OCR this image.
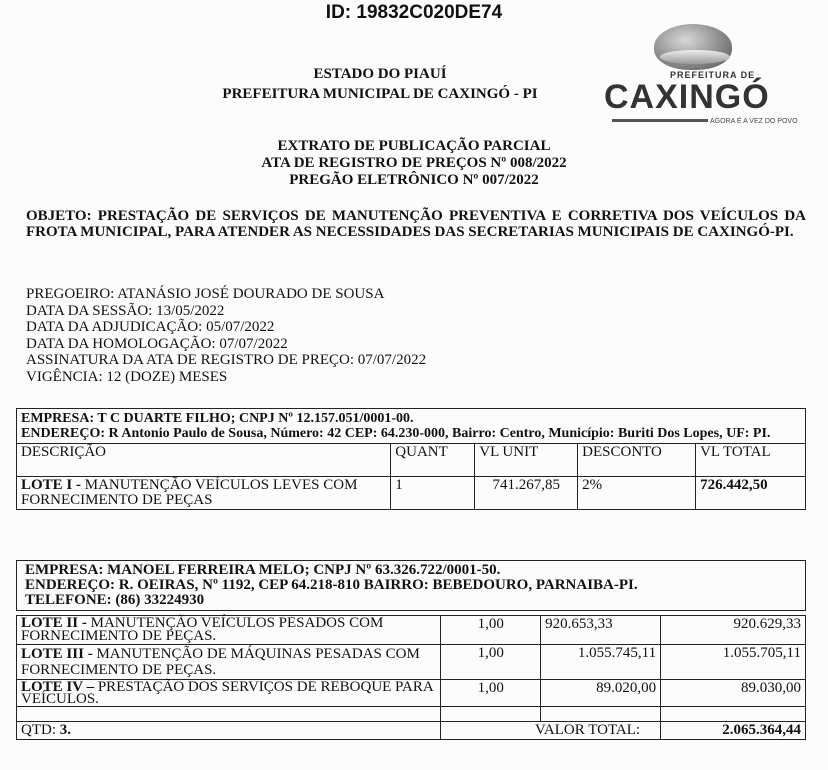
ID: 19832C020DE74
ESTADO DO PIAUÍ
PREFEITURA MUNICIPAL DE CAXINGÓ - PI
PREFEITURA DE
CAXINGÓ
AGORA É A VEZ DO POVO
EXTRATO DE PUBLICAÇÃO PARCIAL
ATA DE REGISTRO DE PREÇOS Nº 008/2022
PREGÃO ELETRÔNICO Nº 007/2022
OBJETO: PRESTAÇÃO DE SERVIÇOS DE MANUTENÇÃO PREVENTIVA E CORRETIVA DOS VEÍCULOS DA FROTA MUNICIPAL, PARA ATENDER AS NECESSIDADES DAS SECRETARIAS MUNICIPAIS DE CAXINGÓ-PI.
PREGOEIRO: ATANÁSIO JOSÉ DOURADO DE SOUSA
DATA DA SESSÃO: 13/05/2022
DATA DA ADJUDICAÇÃO: 05/07/2022
DATA DA HOMOLOGAÇÃO: 07/07/2022
ASSINATURA DA ATA DE REGISTRO DE PREÇO: 07/07/2022
VIGÊNCIA: 12 (DOZE) MESES
EMPRESA: T C DUARTE FILHO; CNPJ Nº 12.157.051/0001-00.
ENDEREÇO: R Antonio Paulo de Sousa, Número: 42 CEP: 64.230-000, Bairro: Centro, Município: Buriti Dos Lopes, UF: PI.				

DESCRIÇÃO	QUANT	VL UNIT	DESCONTO	VL TOTAL
LOTE I - MANUTENÇÃO VEÍCULOS LEVES COM FORNECIMENTO DE PEÇAS	1	741.267,85	2%	726.442,50
EMPRESA: MANOEL FERREIRA MELO; CNPJ Nº 63.326.722/0001-50.
ENDEREÇO: R. OEIRAS, Nº 1192, CEP 64.218-810 BAIRRO: BEBEDOURO, PARNAIBA-PI.
TELEFONE: (86) 33224930			

LOTE II - MANUTENÇÃO VEÍCULOS PESADOS COM FORNECIMENTO DE PEÇAS.	1,00	920.653,33	920.629,33
LOTE III - MANUTENÇÃO DE MÁQUINAS PESADAS COM FORNECIMENTO DE PEÇAS.	1,00	1.055.745,11	1.055.705,11
LOTE IV – PRESTAÇÃO DOS SERVIÇOS DE REBOQUE PARA VEÍCULOS.	1,00	89.020,00	89.030,00

QTD: 3.	VALOR TOTAL:		2.065.364,44
